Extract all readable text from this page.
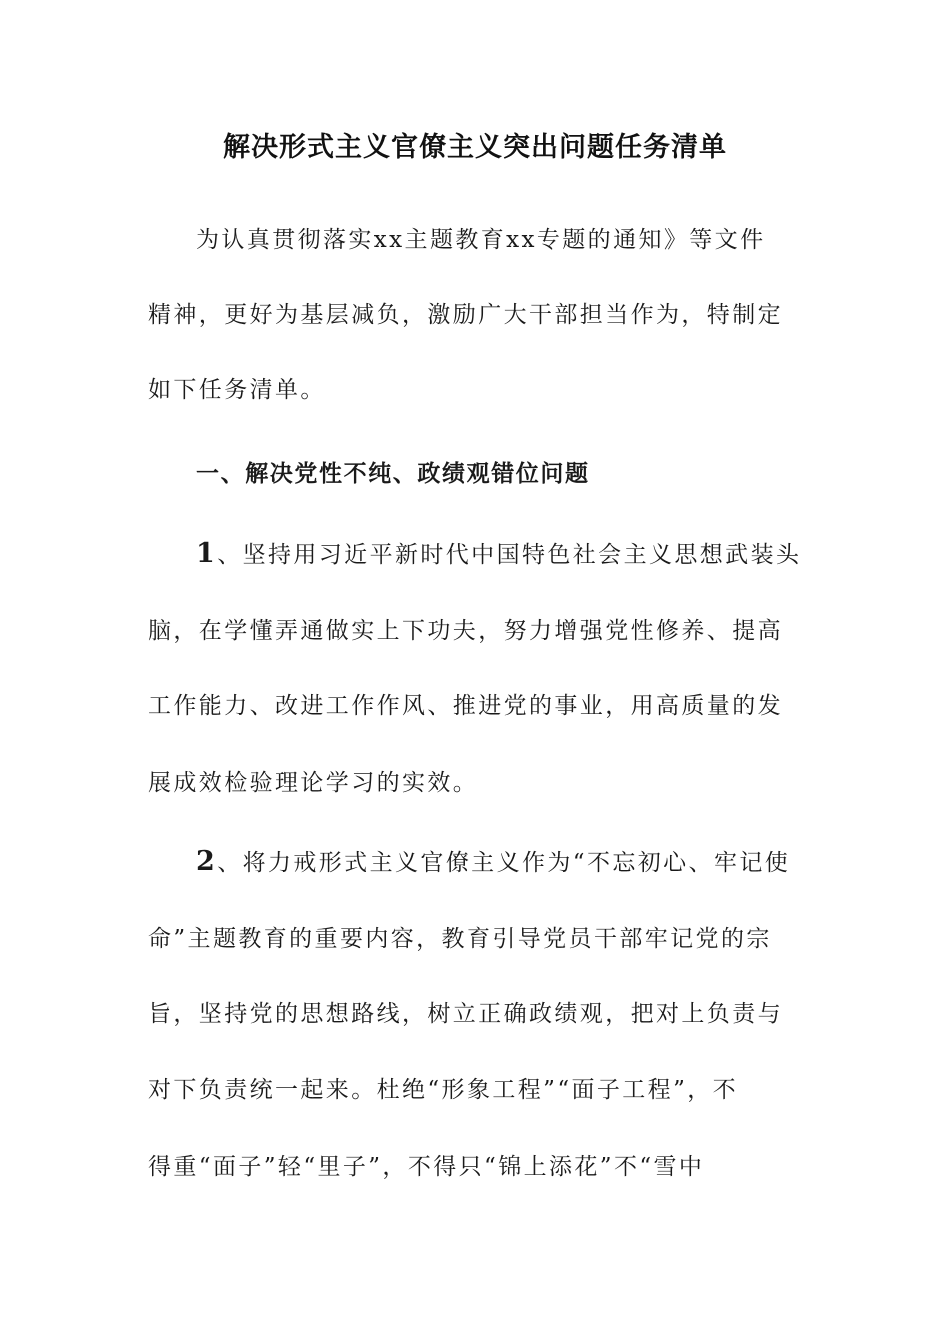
解决形式主义官僚主义突出问题任务清单
为认真贯彻落实xx主题教育xx专题的通知》等文件
精神，更好为基层减负，激励广大干部担当作为，特制定
如下任务清单。
一、解决党性不纯、政绩观错位问题
1、坚持用习近平新时代中国特色社会主义思想武装头
脑，在学懂弄通做实上下功夫，努力增强党性修养、提高
工作能力、改进工作作风、推进党的事业，用高质量的发
展成效检验理论学习的实效。
2、将力戒形式主义官僚主义作为“不忘初心、牢记使
命”主题教育的重要内容，教育引导党员干部牢记党的宗
旨，坚持党的思想路线，树立正确政绩观，把对上负责与
对下负责统一起来。杜绝“形象工程”“面子工程”，不
得重“面子”轻“里子”，不得只“锦上添花”不“雪中
